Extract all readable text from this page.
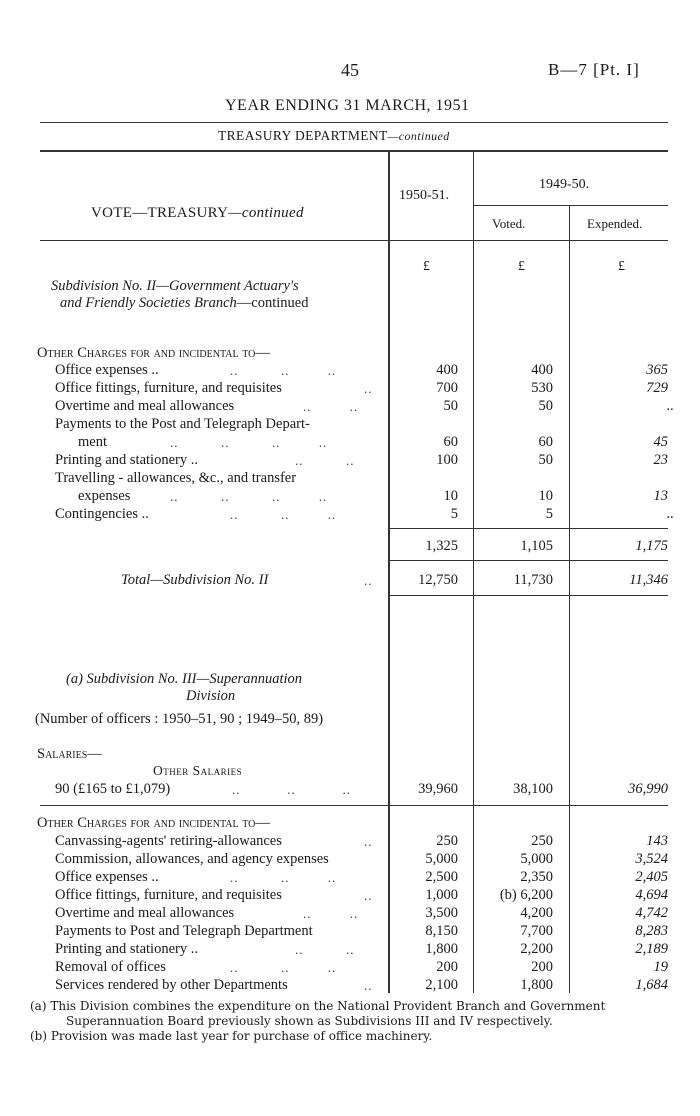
45	B—7 [Pt. I]
YEAR ENDING 31 MARCH, 1951
TREASURY DEPARTMENT—continued
VOTE—TREASURY—continued
1950-51.
1949-50.
Voted.	Expended.
£	£	£
Subdivision No. II—Government Actuary's
and Friendly Societies Branch—continued
Other Charges for and incidental to—
Office expenses ..	..          ..         ..	400	400	365
Office fittings, furniture, and requisites	..	700	530	729
Overtime and meal allowances	..         ..	50	50	..
Payments to the Post and Telegraph Depart-
ment	..          ..          ..         ..	60	60	45
Printing and stationery ..	..          ..	100	50	23
Travelling - allowances, &c., and transfer
expenses	..          ..          ..         ..	10	10	13
Contingencies ..	..          ..         ..	5	5	..
1,325	1,105	1,175
Total—Subdivision No. II	..	12,750	11,730	11,346
(a) Subdivision No. III—Superannuation
Division
(Number of officers : 1950–51, 90 ; 1949–50, 89)
Salaries—
Other Salaries
90 (£165 to £1,079)	..           ..           ..	39,960	38,100	36,990
Other Charges for and incidental to—
Canvassing-agents' retiring-allowances	..	250	250	143
Commission, allowances, and agency expenses	5,000	5,000	3,524
Office expenses ..	..          ..         ..	2,500	2,350	2,405
Office fittings, furniture, and requisites	..	1,000	(b) 6,200	4,694
Overtime and meal allowances	..         ..	3,500	4,200	4,742
Payments to Post and Telegraph Department	8,150	7,700	8,283
Printing and stationery ..	..          ..	1,800	2,200	2,189
Removal of offices	..          ..         ..	200	200	19
Services rendered by other Departments	..	2,100	1,800	1,684
(a) This Division combines the expenditure on the National Provident Branch and Government
Superannuation Board previously shown as Subdivisions III and IV respectively.
(b) Provision was made last year for purchase of office machinery.
